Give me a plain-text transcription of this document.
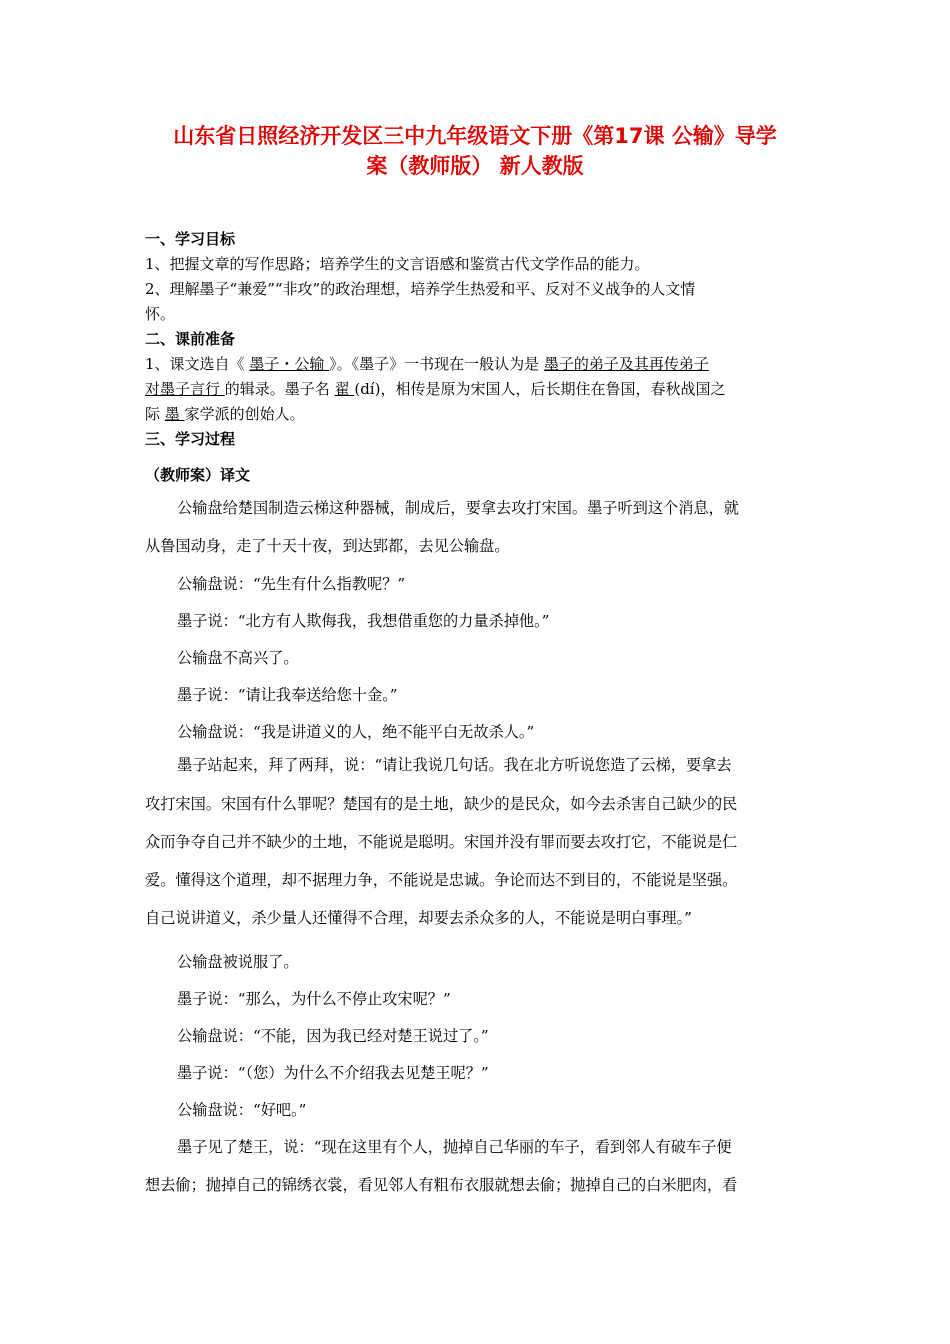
山东省日照经济开发区三中九年级语文下册《第17课 公输》导学
案（教师版） 新人教版
一、学习目标
1、把握文章的写作思路；培养学生的文言语感和鉴赏古代文学作品的能力。
2、理解墨子“兼爱”“非攻”的政治理想，培养学生热爱和平、反对不义战争的人文情
怀。
二、课前准备
1、课文选自《 墨子・公输 》。《墨子》一书现在一般认为是 墨子的弟子及其再传弟子
对墨子言行 的辑录。墨子名 翟 (dí)，相传是原为宋国人，后长期住在鲁国，春秋战国之
际 墨 家学派的创始人。
三、学习过程
（教师案）译文
公输盘给楚国制造云梯这种器械，制成后，要拿去攻打宋国。墨子听到这个消息，就
从鲁国动身，走了十天十夜，到达郢都，去见公输盘。
公输盘说：“先生有什么指教呢？”
墨子说：“北方有人欺侮我，我想借重您的力量杀掉他。”
公输盘不高兴了。
墨子说：“请让我奉送给您十金。”
公输盘说：“我是讲道义的人，绝不能平白无故杀人。”
墨子站起来，拜了两拜，说：“请让我说几句话。我在北方听说您造了云梯，要拿去
攻打宋国。宋国有什么罪呢？楚国有的是土地，缺少的是民众，如今去杀害自己缺少的民
众而争夺自己并不缺少的土地，不能说是聪明。宋国并没有罪而要去攻打它，不能说是仁
爱。懂得这个道理，却不据理力争，不能说是忠诚。争论而达不到目的，不能说是坚强。
自己说讲道义，杀少量人还懂得不合理，却要去杀众多的人，不能说是明白事理。”
公输盘被说服了。
墨子说：“那么，为什么不停止攻宋呢？”
公输盘说：“不能，因为我已经对楚王说过了。”
墨子说：“（您）为什么不介绍我去见楚王呢？”
公输盘说：“好吧。”
墨子见了楚王，说：“现在这里有个人，抛掉自己华丽的车子，看到邻人有破车子便
想去偷；抛掉自己的锦绣衣裳，看见邻人有粗布衣服就想去偷；抛掉自己的白米肥肉，看
